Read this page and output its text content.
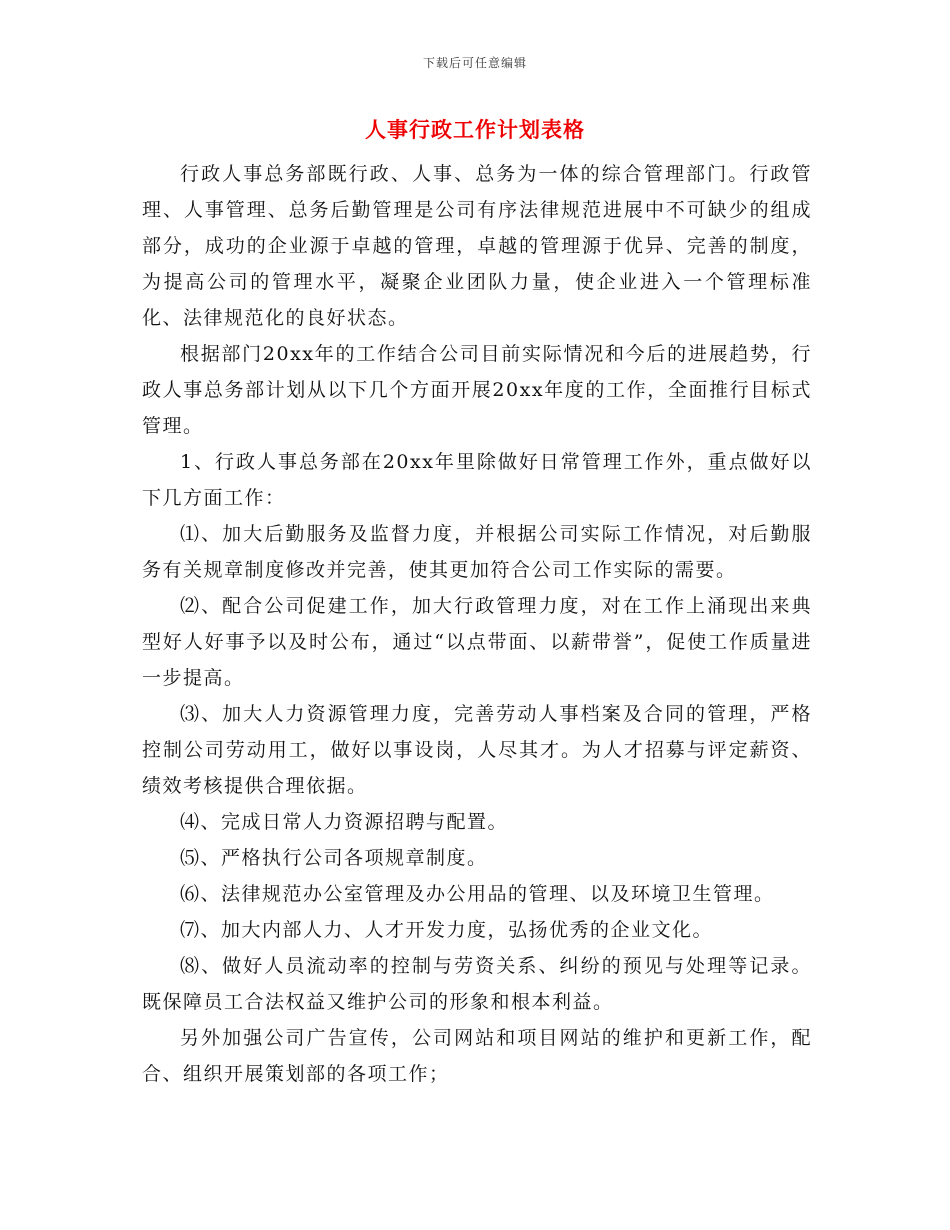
下载后可任意编辑
人事行政工作计划表格

行政人事总务部既行政、人事、总务为一体的综合管理部门。行政管理、人事管理、总务后勤管理是公司有序法律规范进展中不可缺少的组成部分，成功的企业源于卓越的管理，卓越的管理源于优异、完善的制度，为提高公司的管理水平，凝聚企业团队力量，使企业进入一个管理标准化、法律规范化的良好状态。

根据部门20xx年的工作结合公司目前实际情况和今后的进展趋势，行政人事总务部计划从以下几个方面开展20xx年度的工作，全面推行目标式管理。

1、行政人事总务部在20xx年里除做好日常管理工作外，重点做好以下几方面工作：

⑴、加大后勤服务及监督力度，并根据公司实际工作情况，对后勤服务有关规章制度修改并完善，使其更加符合公司工作实际的需要。

⑵、配合公司促建工作，加大行政管理力度，对在工作上涌现出来典型好人好事予以及时公布，通过“以点带面、以薪带誉”，促使工作质量进一步提高。

⑶、加大人力资源管理力度，完善劳动人事档案及合同的管理，严格控制公司劳动用工，做好以事设岗，人尽其才。为人才招募与评定薪资、绩效考核提供合理依据。

⑷、完成日常人力资源招聘与配置。

⑸、严格执行公司各项规章制度。

⑹、法律规范办公室管理及办公用品的管理、以及环境卫生管理。

⑺、加大内部人力、人才开发力度，弘扬优秀的企业文化。

⑻、做好人员流动率的控制与劳资关系、纠纷的预见与处理等记录。既保障员工合法权益又维护公司的形象和根本利益。

另外加强公司广告宣传，公司网站和项目网站的维护和更新工作，配合、组织开展策划部的各项工作；
